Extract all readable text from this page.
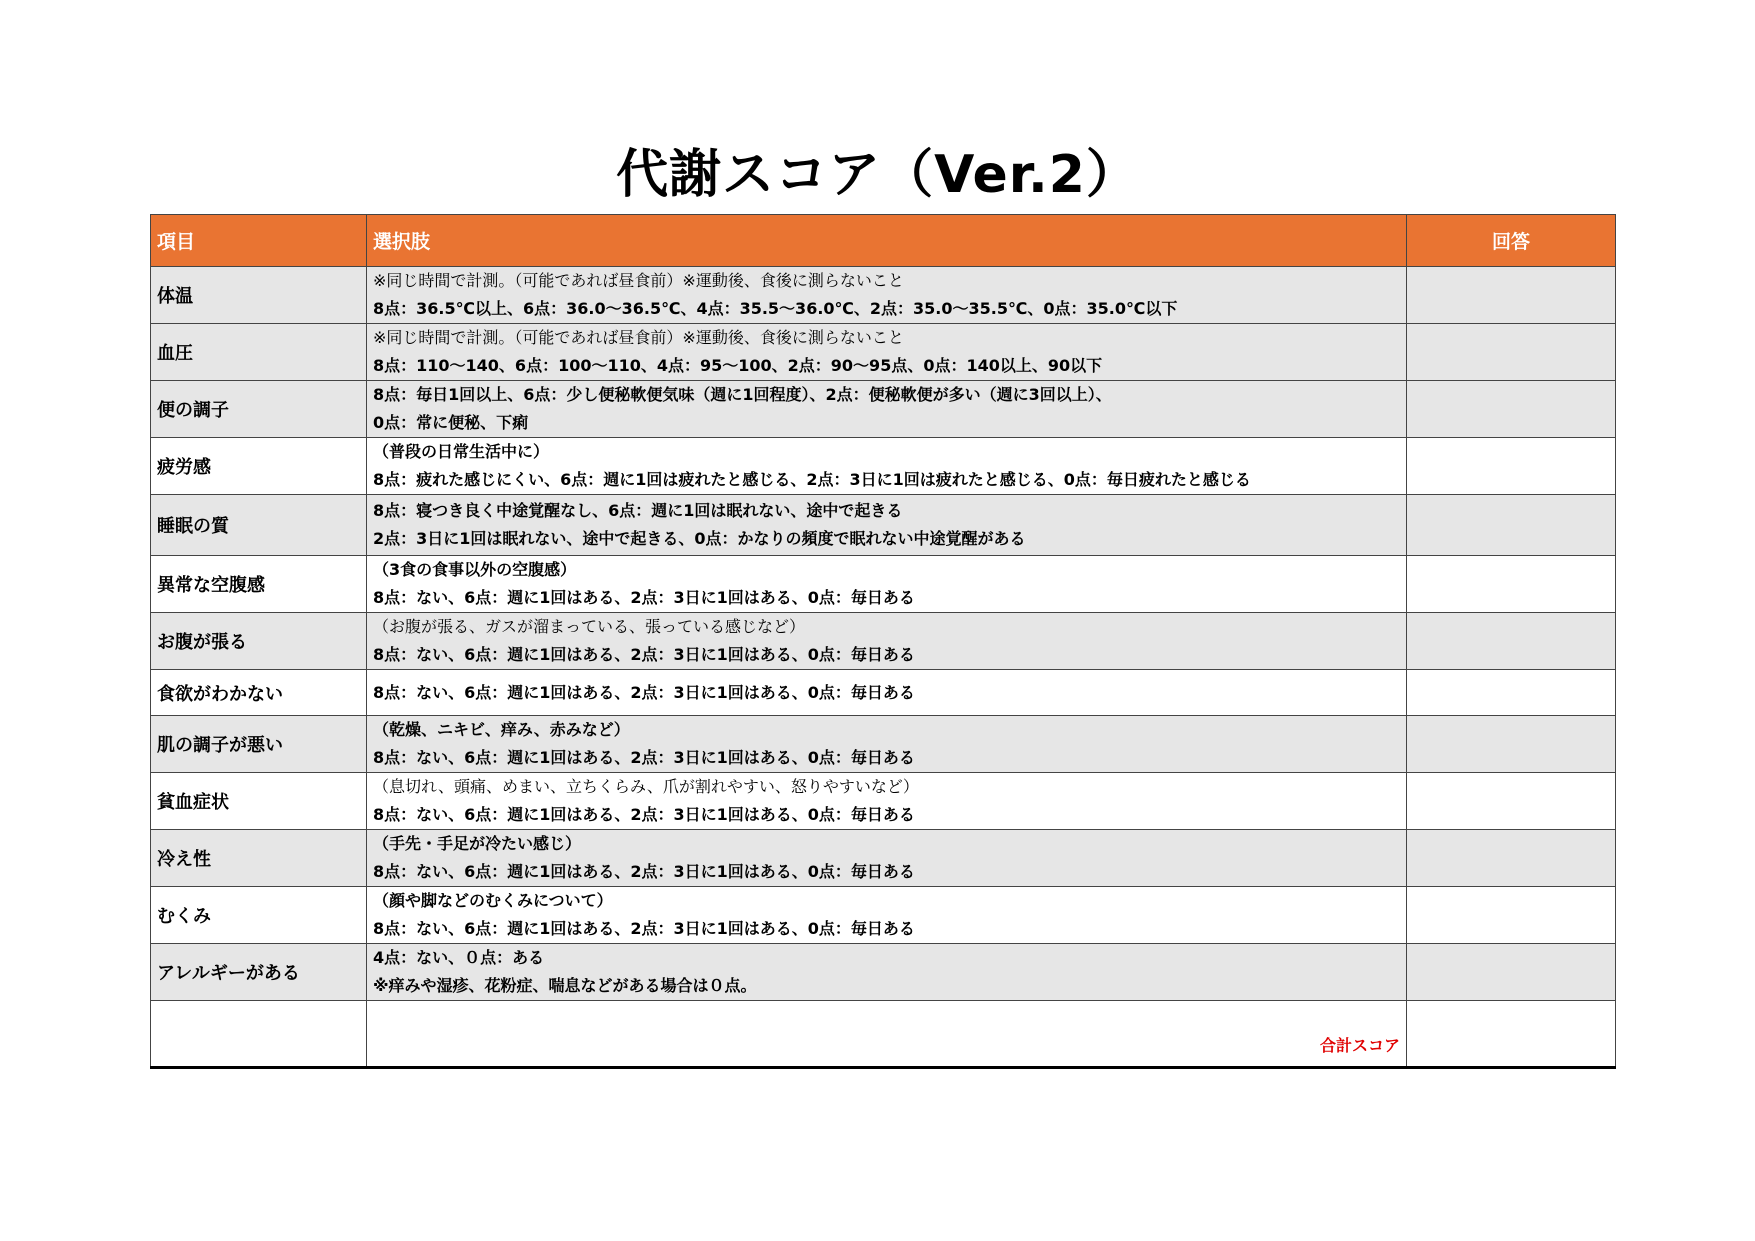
代謝スコア（Ver.2）
項目	選択肢	回答
体温	※同じ時間で計測。（可能であれば昼食前）※運動後、食後に測らないこと
8点：36.5℃以上、6点：36.0〜36.5℃、4点：35.5〜36.0℃、2点：35.0〜35.5℃、0点：35.0℃以下	

血圧	※同じ時間で計測。（可能であれば昼食前）※運動後、食後に測らないこと
8点：110〜140、6点：100〜110、4点：95〜100、2点：90〜95点、0点：140以上、90以下	

便の調子	8点：毎日1回以上、6点：少し便秘軟便気味（週に1回程度）、2点：便秘軟便が多い（週に3回以上）、
0点：常に便秘、下痢	

疲労感	（普段の日常生活中に）
8点：疲れた感じにくい、6点：週に1回は疲れたと感じる、2点：3日に1回は疲れたと感じる、0点：毎日疲れたと感じる	

睡眠の質	8点：寝つき良く中途覚醒なし、6点：週に1回は眠れない、途中で起きる
2点：3日に1回は眠れない、途中で起きる、0点：かなりの頻度で眠れない中途覚醒がある	

異常な空腹感	（3食の食事以外の空腹感）
8点：ない、6点：週に1回はある、2点：3日に1回はある、0点：毎日ある	

お腹が張る	（お腹が張る、ガスが溜まっている、張っている感じなど）
8点：ない、6点：週に1回はある、2点：3日に1回はある、0点：毎日ある	

食欲がわかない	8点：ない、6点：週に1回はある、2点：3日に1回はある、0点：毎日ある	

肌の調子が悪い	（乾燥、ニキビ、痒み、赤みなど）
8点：ない、6点：週に1回はある、2点：3日に1回はある、0点：毎日ある	

貧血症状	（息切れ、頭痛、めまい、立ちくらみ、爪が割れやすい、怒りやすいなど）
8点：ない、6点：週に1回はある、2点：3日に1回はある、0点：毎日ある	

冷え性	（手先・手足が冷たい感じ）
8点：ない、6点：週に1回はある、2点：3日に1回はある、0点：毎日ある	

むくみ	（顔や脚などのむくみについて）
8点：ない、6点：週に1回はある、2点：3日に1回はある、0点：毎日ある	

アレルギーがある	4点：ない、０点：ある
※痒みや湿疹、花粉症、喘息などがある場合は０点。	

	合計スコア	
